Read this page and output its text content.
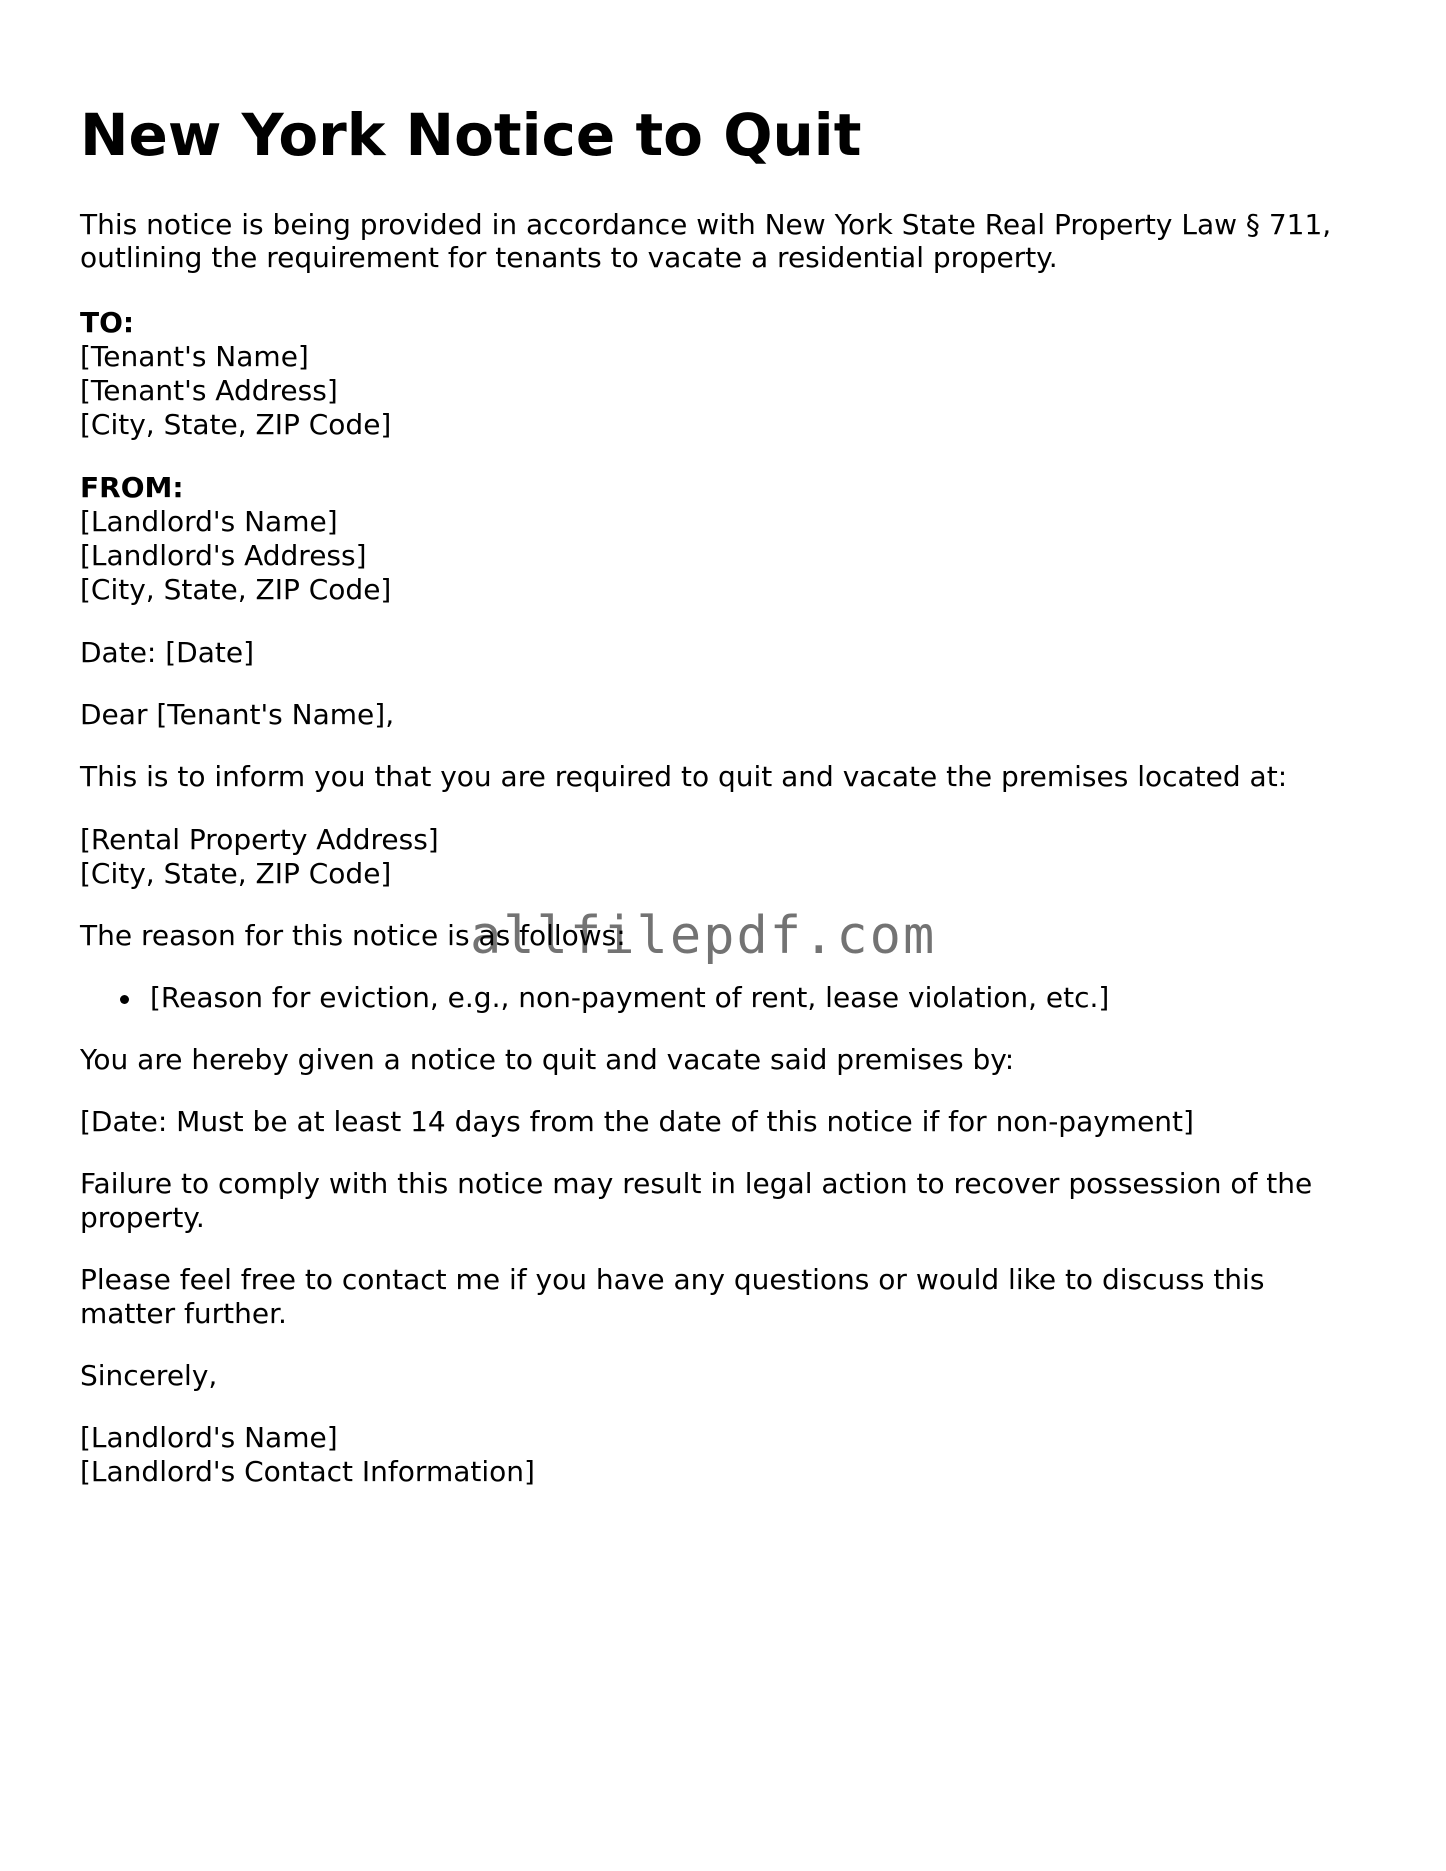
New York Notice to Quit

This notice is being provided in accordance with New York State Real Property Law § 711,

outlining the requirement for tenants to vacate a residential property.

TO:

[Tenant's Name]

[Tenant's Address]

[City, State, ZIP Code]

FROM:

[Landlord's Name]

[Landlord's Address]

[City, State, ZIP Code]

Date: [Date]

Dear [Tenant's Name],

This is to inform you that you are required to quit and vacate the premises located at:

[Rental Property Address]

[City, State, ZIP Code]

The reason for this notice is as follows:

[Reason for eviction, e.g., non-payment of rent, lease violation, etc.]

You are hereby given a notice to quit and vacate said premises by:

[Date: Must be at least 14 days from the date of this notice if for non-payment]

Failure to comply with this notice may result in legal action to recover possession of the

property.

Please feel free to contact me if you have any questions or would like to discuss this

matter further.

Sincerely,

[Landlord's Name]

[Landlord's Contact Information]

allfilepdf.com
